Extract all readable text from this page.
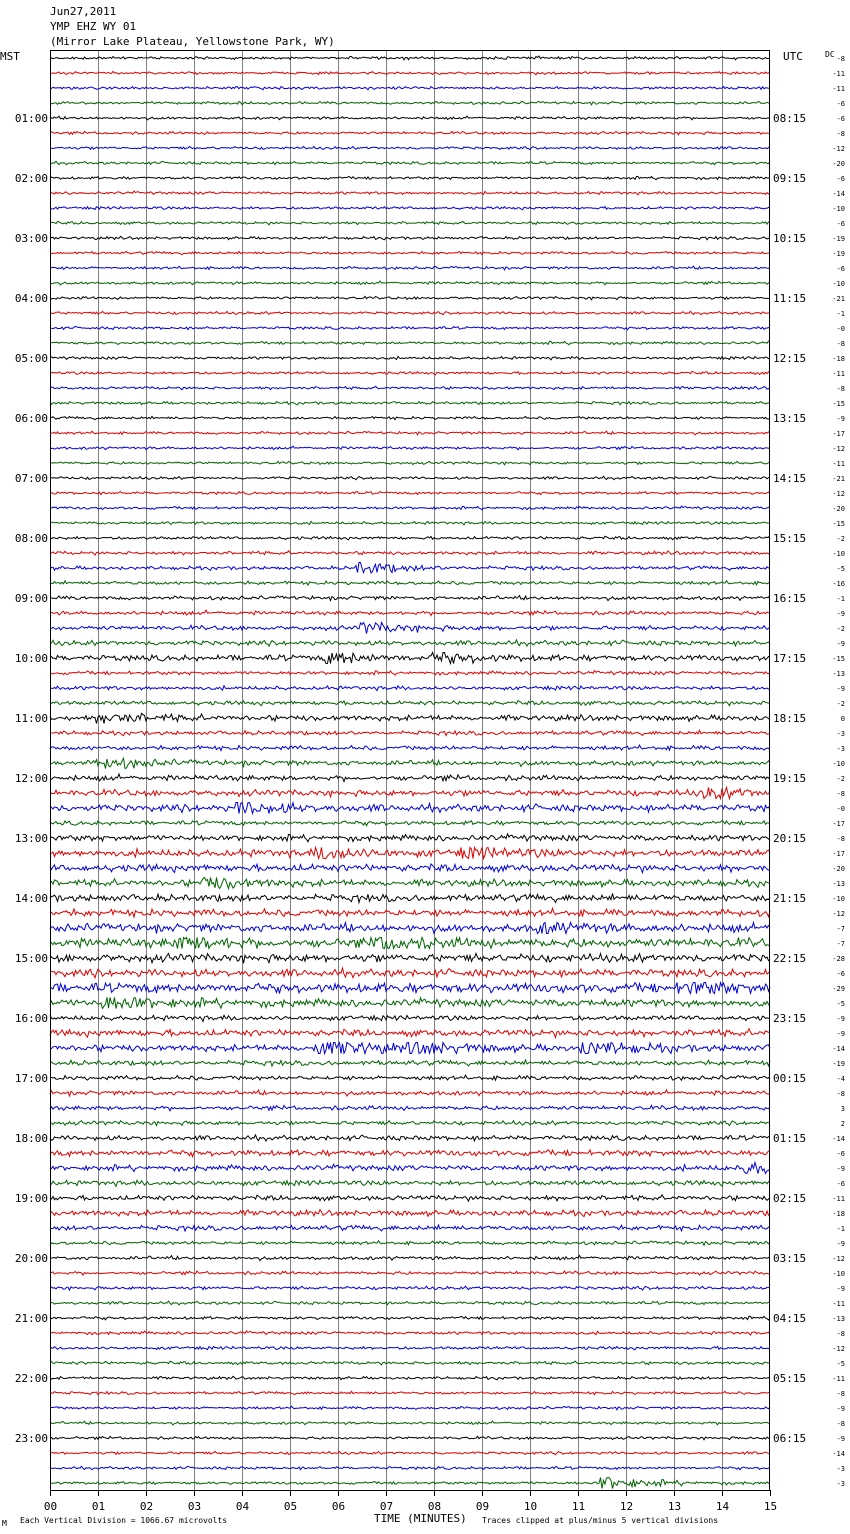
Jun27,2011
YMP EHZ WY 01
(Mirror Lake Plateau, Yellowstone Park, WY)
MST	UTC	DC
00	01	02	03	04	05	06	07	08	09	10	11	12	13	14	15
-8
-11
-11
-6
-6
-8
-12
-20
-6
-14
-10
-6
-19
-19
-6
-10
-21
-1
-0
-8
-18
-11
-8
-15
-9
-17
-12
-11
-21
-12
-20
-15
-2
-10
-5
-16
-1
-9
-2
-9
-15
-13
-9
-2
0
-3
-3
-10
-2
-8
-0
-17
-8
-17
-20
-13
-10
-12
-7
-7
-28
-6
-29
-5
-9
-9
-14
-19
-4
-8
3
2
-14
-6
-9
-6
-11
-18
-1
-9
-12
-10
-9
-11
-13
-8
-12
-5
-11
-8
-9
-8
-9
-14
-3
-3
01:00	08:15
02:00	09:15
03:00	10:15
04:00	11:15
05:00	12:15
06:00	13:15
07:00	14:15
08:00	15:15
09:00	16:15
10:00	17:15
11:00	18:15
12:00	19:15
13:00	20:15
14:00	21:15
15:00	22:15
16:00	23:15
17:00	00:15
18:00	01:15
19:00	02:15
20:00	03:15
21:00	04:15
22:00	05:15
23:00	06:15
TIME (MINUTES)
M Each Vertical Division = 1066.67 microvolts	Traces clipped at plus/minus 5 vertical divisions
